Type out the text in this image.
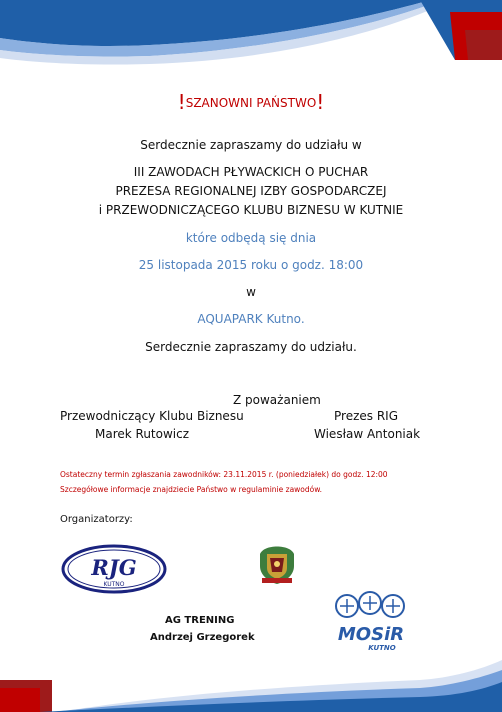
!SZANOWNI PAŃSTWO!
Serdecznie zapraszamy do udziału w
III ZAWODACH PŁYWACKICH O PUCHAR
PREZESA REGIONALNEJ IZBY GOSPODARCZEJ
i PRZEWODNICZĄCEGO KLUBU BIZNESU W KUTNIE
które odbędą się dnia
25 listopada 2015 roku o godz. 18:00
w
AQUAPARK Kutno.
Serdecznie zapraszamy do udziału.
Z poważaniem
Przewodniczący Klubu Biznesu
Marek Rutowicz
Prezes RIG
Wiesław Antoniak
Ostateczny termin zgłaszania zawodników: 23.11.2015 r. (poniedziałek) do godz. 12:00
Szczegółowe informacje znajdziecie Państwo w regulaminie zawodów.
Organizatorzy:
RJG
KUTNO
AG TRENING
Andrzej Grzegorek	MOSiR
KUTNO
